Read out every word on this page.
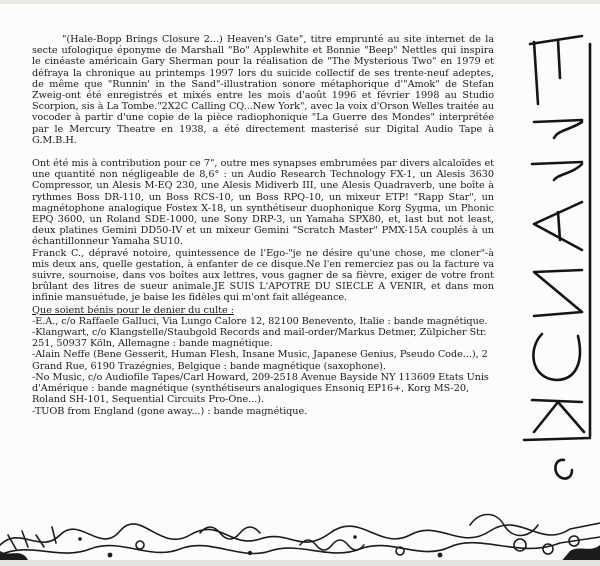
"(Hale-Bopp Brings Closure 2...) Heaven's Gate", titre emprunté au site internet de la secte ufologique éponyme de Marshall "Bo" Applewhite et Bonnie "Beep" Nettles qui inspira le cinéaste américain Gary Sherman pour la réalisation de "The Mysterious Two" en 1979 et défraya la chronique au printemps 1997 lors du suicide collectif de ses trente-neuf adeptes, de même que "Runnin' in the Sand"-illustration sonore métaphorique d'"Amok" de Stefan Zweig-ont été enregistrés et mixés entre les mois d'août 1996 et février 1998 au Studio Scorpion, sis à La Tombe."2X2C Calling CQ...New York", avec la voix d'Orson Welles traitée au vocoder à partir d'une copie de la pièce radiophonique "La Guerre des Mondes" interprétée par le Mercury Theatre en 1938, a été directement masterisé sur Digital Audio Tape à G.M.B.H.

Ont été mis à contribution pour ce 7", outre mes synapses embrumées par divers alcaloïdes et une quantité non négligeable de 8,6° : un Audio Research Technology FX-1, un Alesis 3630 Compressor, un Alesis M-EQ 230, une Alesis Midiverb III, une Alesis Quadraverb, une boîte à rythmes Boss DR-110, un Boss RCS-10, un Boss RPQ-10, un mixeur ETP! "Rapp Star", un magnétophone analogique Fostex X-18, un synthétiseur duophonique Korg Sygma, un Phonic EPQ 3600, un Roland SDE-1000, une Sony DRP-3, un Yamaha SPX80, et, last but not least, deux platines Gemini DD50-IV et un mixeur Gemini "Scratch Master" PMX-15A couplés à un échantillonneur Yamaha SU10.

Franck C., dépravé notoire, quintessence de l'Ego-"je ne désire qu'une chose, me cloner"-à mis deux ans, quelle gestation, à enfanter de ce disque.Ne l'en remerciez pas ou la facture va suivre, sournoise, dans vos boîtes aux lettres, vous gagner de sa fièvre, exiger de votre front brûlant des litres de sueur animale.JE SUIS L'APOTRE DU SIECLE A VENIR, et dans mon infinie mansuétude, je baise les fidèles qui m'ont fait allégeance.

Que soient bénis pour le denier du culte :

-E.A., c/o Raffaele Galluci, Via Lungo Calore 12, 82100 Benevento, Italie : bande magnétique.

-Klangwart, c/o Klangstelle/Staubgold Records and mail-order/Markus Detmer, Zülpicher Str. 251, 50937 Köln, Allemagne : bande magnétique.

-Alain Neffe (Bene Gesserit, Human Flesh, Insane Music, Japanese Genius, Pseudo Code...), 2 Grand Rue, 6190 Trazégnies, Belgique : bande magnétique (saxophone).

-No Music, c/o Audiofile Tapes/Carl Howard, 209-2518 Avenue Bayside NY 113609 Etats Unis d'Amérique : bande magnétique (synthétiseurs analogiques Ensoniq EP16+, Korg MS-20, Roland SH-101, Sequential Circuits Pro-One...).

-TUOB from England (gone away...) : bande magnétique.
